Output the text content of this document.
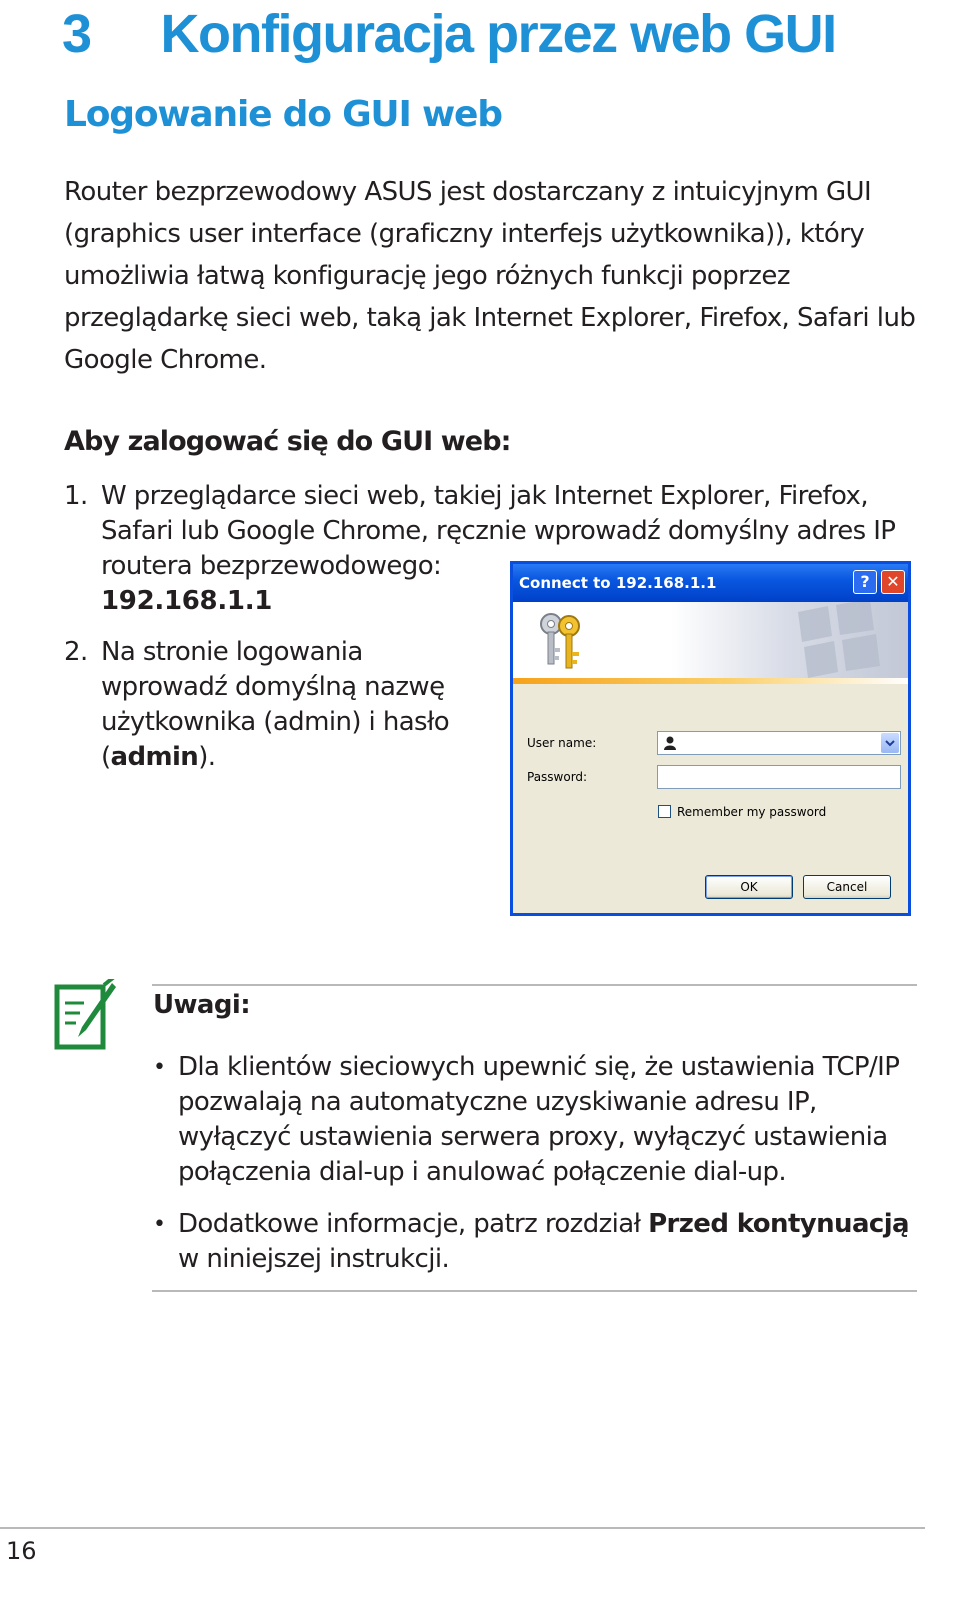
3 Konfiguracja przez web GUI
Logowanie do GUI web

Router bezprzewodowy ASUS jest dostarczany z intuicyjnym GUI (graphics user interface (graficzny interfejs użytkownika)), który umożliwia łatwą konfigurację jego różnych funkcji poprzez przeglądarkę sieci web, taką jak Internet Explorer, Firefox, Safari lub Google Chrome.

Aby zalogować się do GUI web:
1. W przeglądarce sieci web, takiej jak Internet Explorer, Firefox, Safari lub Google Chrome, ręcznie wprowadź domyślny adres IP routera bezprzewodowego:
192.168.1.1
2. Na stronie logowania wprowadź domyślną nazwę użytkownika (admin) i hasło (admin).
Connect to 192.168.1.1	?	✕
User name:
Password:
Remember my password
OK	Cancel
Uwagi:
• Dla klientów sieciowych upewnić się, że ustawienia TCP/IP pozwalają na automatyczne uzyskiwanie adresu IP, wyłączyć ustawienia serwera proxy, wyłączyć ustawienia połączenia dial-up i anulować połączenie dial-up.
• Dodatkowe informacje, patrz rozdział Przed kontynuacją w niniejszej instrukcji.
16
